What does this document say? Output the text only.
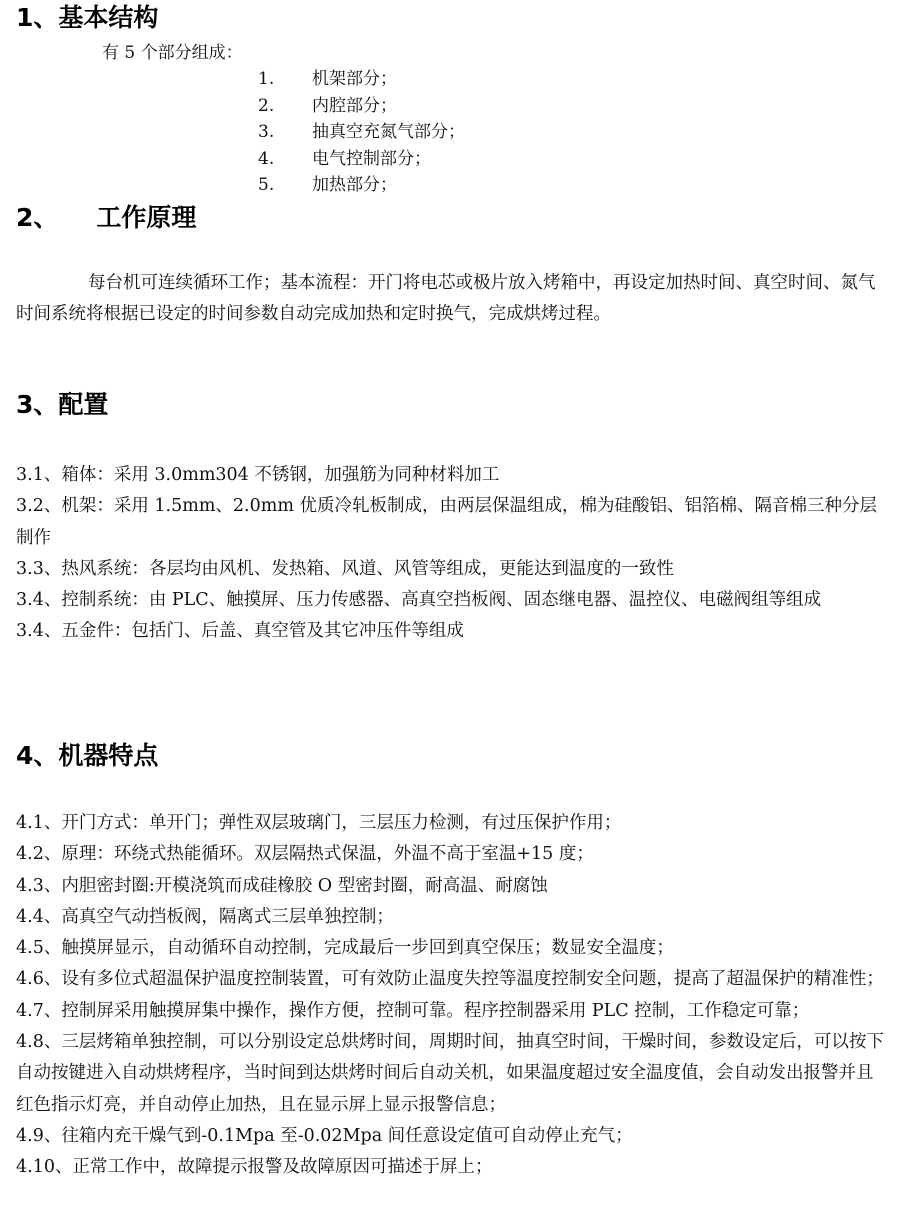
1、基本结构
有 5 个部分组成：
1. 机架部分；
2. 内腔部分；
3. 抽真空充氮气部分；
4. 电气控制部分；
5. 加热部分；
2、 工作原理

每台机可连续循环工作；基本流程：开门将电芯或极片放入烤箱中，再设定加热时间、真空时间、氮气时间系统将根据已设定的时间参数自动完成加热和定时换气，完成烘烤过程。

3、配置
3.1、箱体：采用 3.0mm304 不锈钢，加强筋为同种材料加工
3.2、机架：采用 1.5mm、2.0mm 优质冷轧板制成，由两层保温组成，棉为硅酸铝、铝箔棉、隔音棉三种分层制作
3.3、热风系统：各层均由风机、发热箱、风道、风管等组成，更能达到温度的一致性
3.4、控制系统：由 PLC、触摸屏、压力传感器、高真空挡板阀、固态继电器、温控仪、电磁阀组等组成
3.4、五金件：包括门、后盖、真空管及其它冲压件等组成
4、机器特点
4.1、开门方式：单开门；弹性双层玻璃门，三层压力检测，有过压保护作用；
4.2、原理：环绕式热能循环。双层隔热式保温，外温不高于室温+15 度；
4.3、内胆密封圈:开模浇筑而成硅橡胶 O 型密封圈，耐高温、耐腐蚀
4.4、高真空气动挡板阀，隔离式三层单独控制；
4.5、触摸屏显示，自动循环自动控制，完成最后一步回到真空保压；数显安全温度；
4.6、设有多位式超温保护温度控制装置，可有效防止温度失控等温度控制安全问题，提高了超温保护的精准性；
4.7、控制屏采用触摸屏集中操作，操作方便，控制可靠。程序控制器采用 PLC 控制，工作稳定可靠；
4.8、三层烤箱单独控制，可以分别设定总烘烤时间，周期时间，抽真空时间，干燥时间，参数设定后，可以按下自动按键进入自动烘烤程序，当时间到达烘烤时间后自动关机，如果温度超过安全温度值，会自动发出报警并且红色指示灯亮，并自动停止加热，且在显示屏上显示报警信息；
4.9、往箱内充干燥气到-0.1Mpa 至-0.02Mpa 间任意设定值可自动停止充气；
4.10、正常工作中，故障提示报警及故障原因可描述于屏上；
